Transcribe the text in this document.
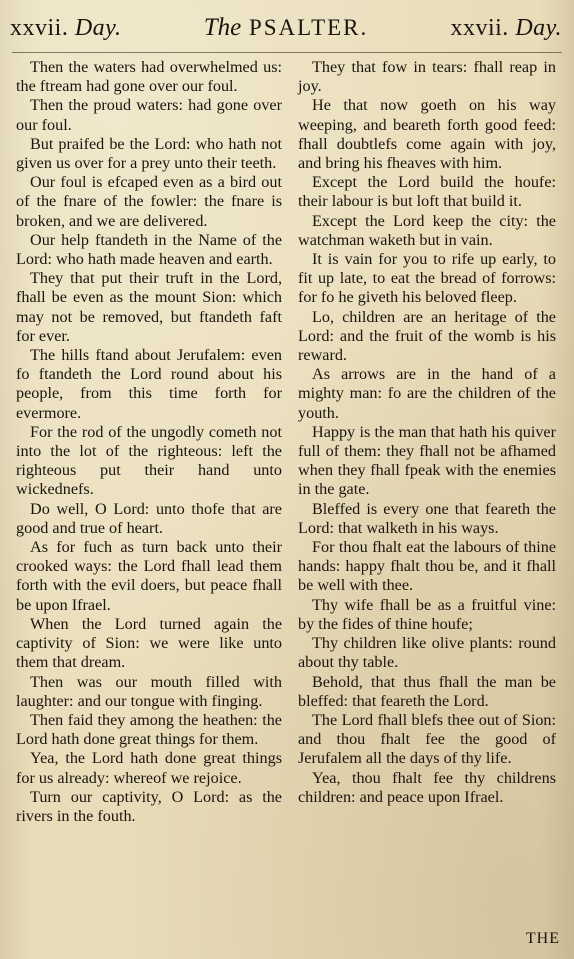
xxvii. Day.	The PSALTER.	xxvii. Day.

Then the waters had overwhelmed us: the ftream had gone over our foul.

Then the proud waters: had gone over our foul.

But praifed be the Lord: who hath not given us over for a prey unto their teeth.

Our foul is efcaped even as a bird out of the fnare of the fowler: the fnare is broken, and we are delivered.

Our help ftandeth in the Name of the Lord: who hath made heaven and earth.

They that put their truft in the Lord, fhall be even as the mount Sion: which may not be removed, but ftandeth faft for ever.

The hills ftand about Jerufalem: even fo ftandeth the Lord round about his people, from this time forth for evermore.

For the rod of the ungodly cometh not into the lot of the righteous: left the righteous put their hand unto wickednefs.

Do well, O Lord: unto thofe that are good and true of heart.

As for fuch as turn back unto their crooked ways: the Lord fhall lead them forth with the evil doers, but peace fhall be upon Ifrael.

When the Lord turned again the captivity of Sion: we were like unto them that dream.

Then was our mouth filled with laughter: and our tongue with finging.

Then faid they among the heathen: the Lord hath done great things for them.

Yea, the Lord hath done great things for us already: whereof we rejoice.

Turn our captivity, O Lord: as the rivers in the fouth.

They that fow in tears: fhall reap in joy.

He that now goeth on his way weeping, and beareth forth good feed: fhall doubtlefs come again with joy, and bring his fheaves with him.

Except the Lord build the houfe: their labour is but loft that build it.

Except the Lord keep the city: the watchman waketh but in vain.

It is vain for you to rife up early, to fit up late, to eat the bread of forrows: for fo he giveth his beloved fleep.

Lo, children are an heritage of the Lord: and the fruit of the womb is his reward.

As arrows are in the hand of a mighty man: fo are the children of the youth.

Happy is the man that hath his quiver full of them: they fhall not be afhamed when they fhall fpeak with the enemies in the gate.

Bleffed is every one that feareth the Lord: that walketh in his ways.

For thou fhalt eat the labours of thine hands: happy fhalt thou be, and it fhall be well with thee.

Thy wife fhall be as a fruitful vine: by the fides of thine houfe;

Thy children like olive plants: round about thy table.

Behold, that thus fhall the man be bleffed: that feareth the Lord.

The Lord fhall blefs thee out of Sion: and thou fhalt fee the good of Jerufalem all the days of thy life.

Yea, thou fhalt fee thy childrens children: and peace upon Ifrael.

THE
